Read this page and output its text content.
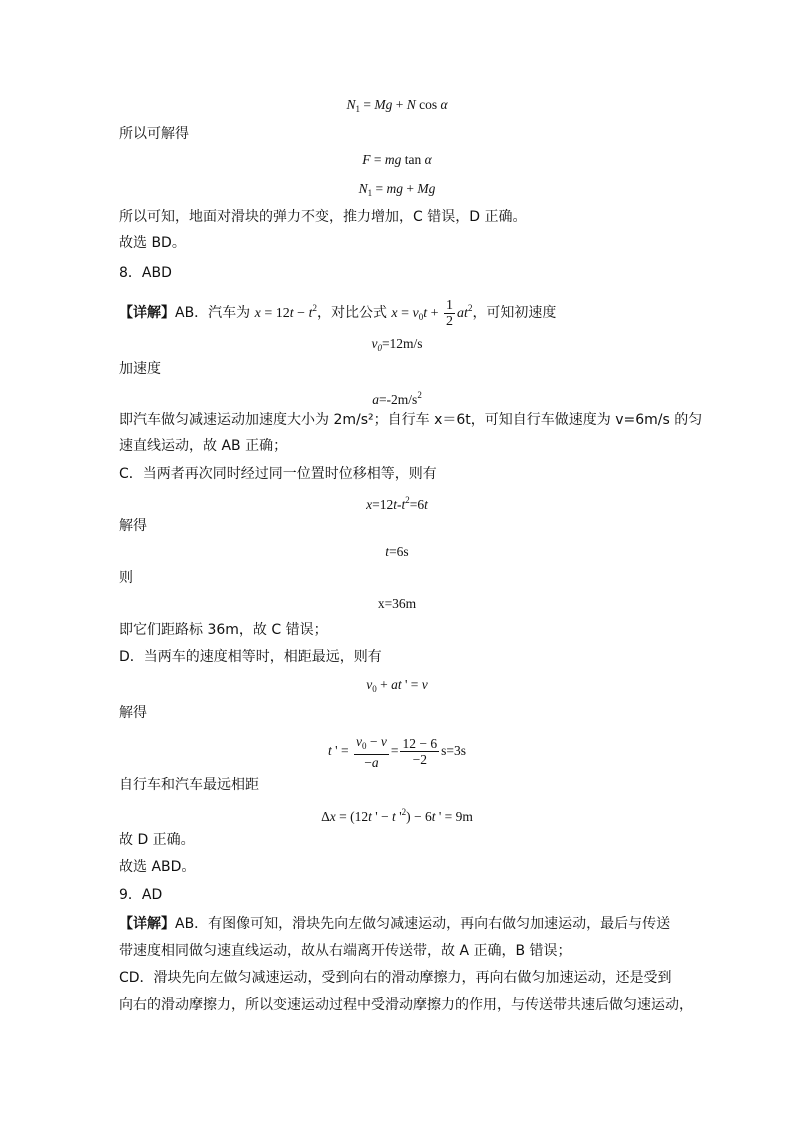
$N_1 = Mg + N$ cos α
所以可解得
F = mg tan α
$N_1$ = mg + Mg
所以可知，地面对滑块的弹力不变，推力增加，C 错误，D 正确。
故选 BD。
8．ABD
【详解】AB．汽车为 $x = 12t - t^2$，对比公式 $x = v_0t + \frac{1}{2} at^2$，可知初速度
$v_0=12m/s$
加速度
$a=-2m/s^2$
即汽车做匀减速运动加速度大小为 2m/s²；自行车 x＝6t，可知自行车做速度为 v=6m/s 的匀
速直线运动，故 AB 正确；
C．当两者再次同时经过同一位置时位移相等，则有
$x=12t-t^2=6t$
解得
t=6s
则
x=36m
即它们距路标 36m，故 C 错误；
D．当两车的速度相等时，相距最远，则有
$v_0$ + at ' = v
解得
t ' = $\frac{v_0 - v}{-a} = \frac{12 - 6}{-2} s=3s$
自行车和汽车最远相距
Δx = (12t ' − t '$^2) - 6t$ ' = 9m
故 D 正确。
故选 ABD。
9．AD
【详解】AB．有图像可知，滑块先向左做匀减速运动，再向右做匀加速运动，最后与传送
带速度相同做匀速直线运动，故从右端离开传送带，故 A 正确，B 错误；
CD．滑块先向左做匀减速运动，受到向右的滑动摩擦力，再向右做匀加速运动，还是受到
向右的滑动摩擦力，所以变速运动过程中受滑动摩擦力的作用，与传送带共速后做匀速运动，
